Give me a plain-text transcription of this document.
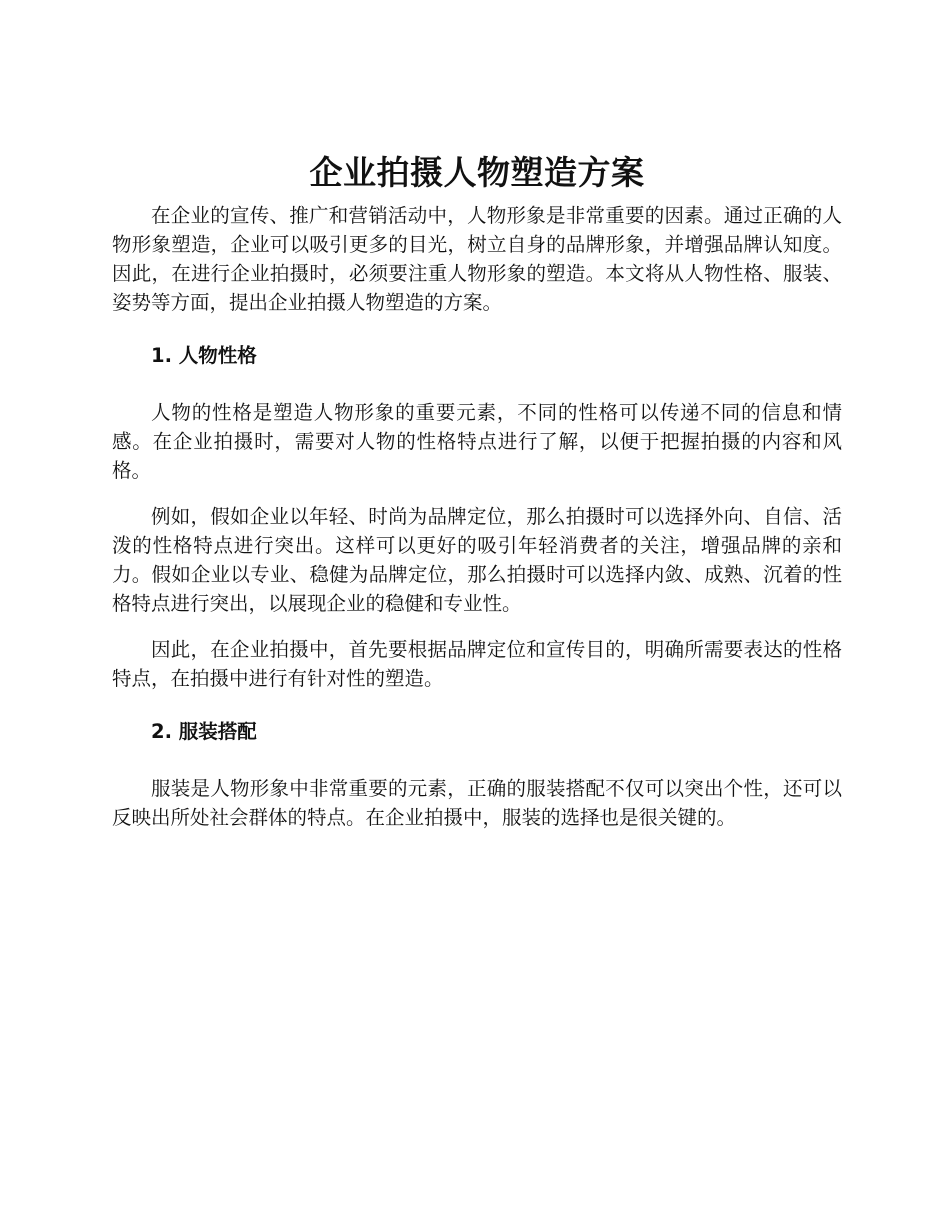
企业拍摄人物塑造方案

在企业的宣传、推广和营销活动中，人物形象是非常重要的因素。通过正确的人物形象塑造，企业可以吸引更多的目光，树立自身的品牌形象，并增强品牌认知度。因此，在进行企业拍摄时，必须要注重人物形象的塑造。本文将从人物性格、服装、姿势等方面，提出企业拍摄人物塑造的方案。

1. 人物性格

人物的性格是塑造人物形象的重要元素，不同的性格可以传递不同的信息和情感。在企业拍摄时，需要对人物的性格特点进行了解，以便于把握拍摄的内容和风格。

例如，假如企业以年轻、时尚为品牌定位，那么拍摄时可以选择外向、自信、活泼的性格特点进行突出。这样可以更好的吸引年轻消费者的关注，增强品牌的亲和力。假如企业以专业、稳健为品牌定位，那么拍摄时可以选择内敛、成熟、沉着的性格特点进行突出，以展现企业的稳健和专业性。

因此，在企业拍摄中，首先要根据品牌定位和宣传目的，明确所需要表达的性格特点，在拍摄中进行有针对性的塑造。

2. 服装搭配

服装是人物形象中非常重要的元素，正确的服装搭配不仅可以突出个性，还可以反映出所处社会群体的特点。在企业拍摄中，服装的选择也是很关键的。
